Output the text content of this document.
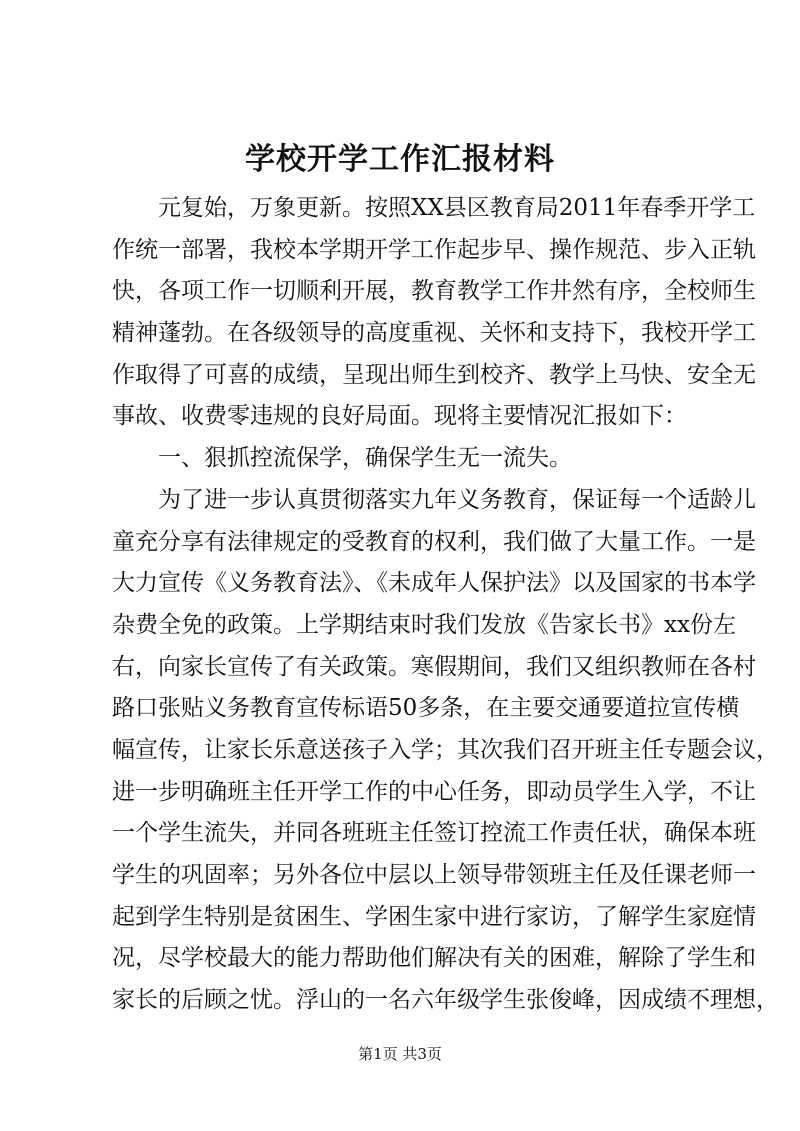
学校开学工作汇报材料
元复始，万象更新。按照XX县区教育局2011年春季开学工
作统一部署，我校本学期开学工作起步早、操作规范、步入正轨
快，各项工作一切顺利开展，教育教学工作井然有序，全校师生
精神蓬勃。在各级领导的高度重视、关怀和支持下，我校开学工
作取得了可喜的成绩，呈现出师生到校齐、教学上马快、安全无
事故、收费零违规的良好局面。现将主要情况汇报如下：
一、狠抓控流保学，确保学生无一流失。
为了进一步认真贯彻落实九年义务教育，保证每一个适龄儿
童充分享有法律规定的受教育的权利，我们做了大量工作。一是
大力宣传《义务教育法》、《未成年人保护法》以及国家的书本学
杂费全免的政策。上学期结束时我们发放《告家长书》xx份左
右，向家长宣传了有关政策。寒假期间，我们又组织教师在各村
路口张贴义务教育宣传标语50多条，在主要交通要道拉宣传横
幅宣传，让家长乐意送孩子入学；其次我们召开班主任专题会议，
进一步明确班主任开学工作的中心任务，即动员学生入学，不让
一个学生流失，并同各班班主任签订控流工作责任状，确保本班
学生的巩固率；另外各位中层以上领导带领班主任及任课老师一
起到学生特别是贫困生、学困生家中进行家访，了解学生家庭情
况，尽学校最大的能力帮助他们解决有关的困难，解除了学生和
家长的后顾之忧。浮山的一名六年级学生张俊峰，因成绩不理想，
第1页 共3页
